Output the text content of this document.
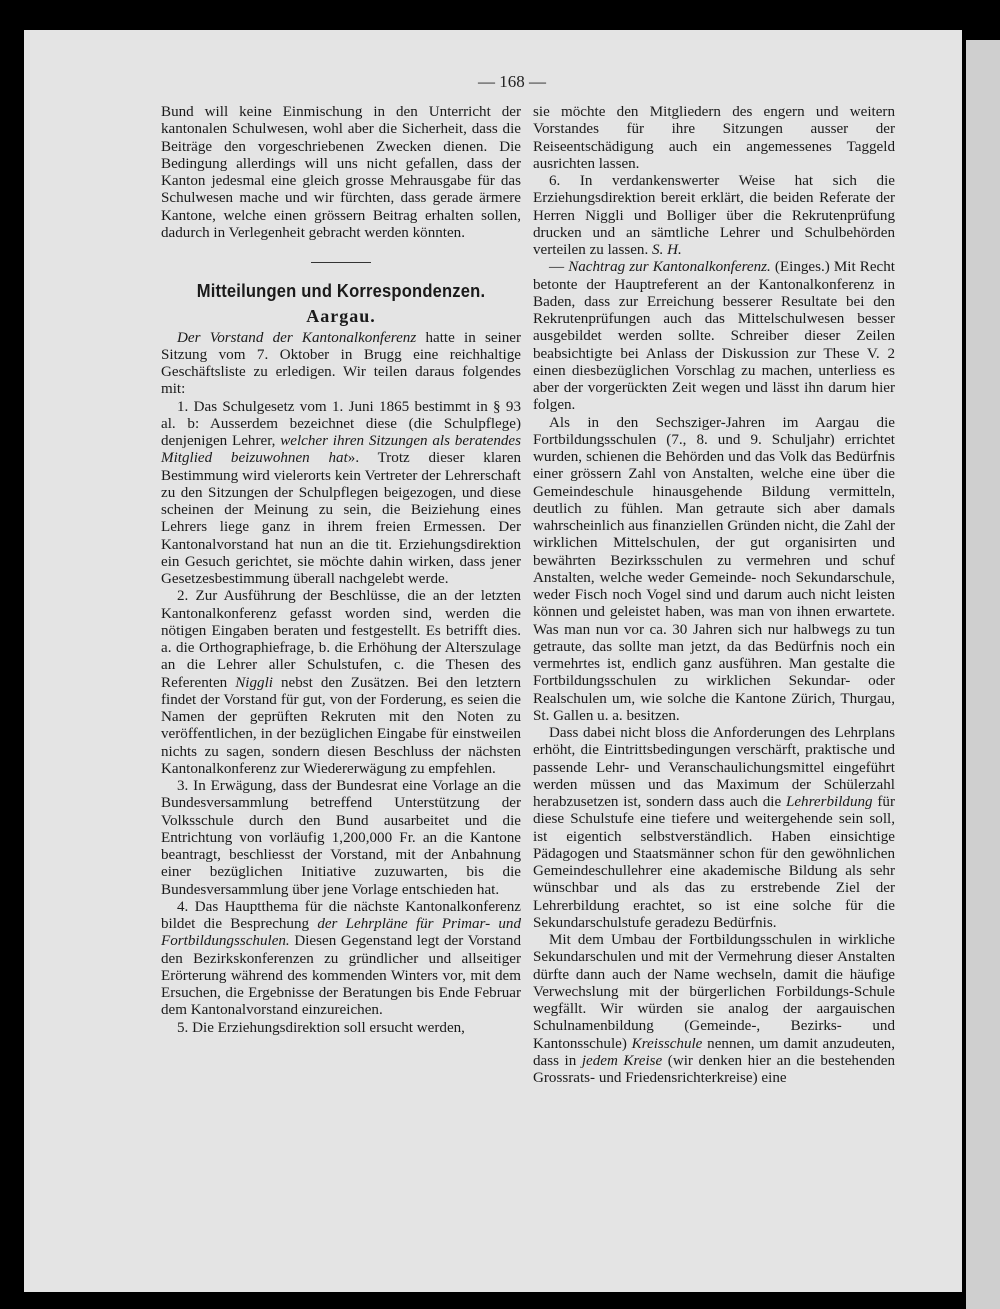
— 168 —

Bund will keine Einmischung in den Unterricht der kantonalen Schulwesen, wohl aber die Sicherheit, dass die Beiträge den vorgeschriebenen Zwecken dienen. Die Bedingung allerdings will uns nicht gefallen, dass der Kanton jedesmal eine gleich grosse Mehrausgabe für das Schulwesen mache und wir fürchten, dass gerade ärmere Kantone, welche einen grössern Beitrag erhalten sollen, dadurch in Verlegenheit gebracht werden könnten.

Mitteilungen und Korrespondenzen.
Aargau.

Der Vorstand der Kantonalkonferenz hatte in seiner Sitzung vom 7. Oktober in Brugg eine reichhaltige Geschäftsliste zu erledigen. Wir teilen daraus folgendes mit:

1. Das Schulgesetz vom 1. Juni 1865 bestimmt in § 93 al. b: Ausserdem bezeichnet diese (die Schulpflege) denjenigen Lehrer, welcher ihren Sitzungen als beratendes Mitglied beizuwohnen hat». Trotz dieser klaren Bestimmung wird vielerorts kein Vertreter der Lehrerschaft zu den Sitzungen der Schulpflegen beigezogen, und diese scheinen der Meinung zu sein, die Beiziehung eines Lehrers liege ganz in ihrem freien Ermessen. Der Kantonalvorstand hat nun an die tit. Erziehungsdirektion ein Gesuch gerichtet, sie möchte dahin wirken, dass jener Gesetzesbestimmung überall nachgelebt werde.

2. Zur Ausführung der Beschlüsse, die an der letzten Kantonalkonferenz gefasst worden sind, werden die nötigen Eingaben beraten und festgestellt. Es betrifft dies. a. die Orthographiefrage, b. die Erhöhung der Alterszulage an die Lehrer aller Schulstufen, c. die Thesen des Referenten Niggli nebst den Zusätzen. Bei den letztern findet der Vorstand für gut, von der Forderung, es seien die Namen der geprüften Rekruten mit den Noten zu veröffentlichen, in der bezüglichen Eingabe für einstweilen nichts zu sagen, sondern diesen Beschluss der nächsten Kantonalkonferenz zur Wiedererwägung zu empfehlen.

3. In Erwägung, dass der Bundesrat eine Vorlage an die Bundesversammlung betreffend Unterstützung der Volksschule durch den Bund ausarbeitet und die Entrichtung von vorläufig 1,200,000 Fr. an die Kantone beantragt, beschliesst der Vorstand, mit der Anbahnung einer bezüglichen Initiative zuzuwarten, bis die Bundesversammlung über jene Vorlage entschieden hat.

4. Das Hauptthema für die nächste Kantonalkonferenz bildet die Besprechung der Lehrpläne für Primar- und Fortbildungsschulen. Diesen Gegenstand legt der Vorstand den Bezirkskonferenzen zu gründlicher und allseitiger Erörterung während des kommenden Winters vor, mit dem Ersuchen, die Ergebnisse der Beratungen bis Ende Februar dem Kantonalvorstand einzureichen.

5. Die Erziehungsdirektion soll ersucht werden,

sie möchte den Mitgliedern des engern und weitern Vorstandes für ihre Sitzungen ausser der Reiseentschädigung auch ein angemessenes Taggeld ausrichten lassen.

6. In verdankenswerter Weise hat sich die Erziehungsdirektion bereit erklärt, die beiden Referate der Herren Niggli und Bolliger über die Rekrutenprüfung drucken und an sämtliche Lehrer und Schulbehörden verteilen zu lassen. S. H.

— Nachtrag zur Kantonalkonferenz. (Einges.) Mit Recht betonte der Hauptreferent an der Kantonalkonferenz in Baden, dass zur Erreichung besserer Resultate bei den Rekrutenprüfungen auch das Mittelschulwesen besser ausgebildet werden sollte. Schreiber dieser Zeilen beabsichtigte bei Anlass der Diskussion zur These V. 2 einen diesbezüglichen Vorschlag zu machen, unterliess es aber der vorgerückten Zeit wegen und lässt ihn darum hier folgen.

Als in den Sechsziger-Jahren im Aargau die Fortbildungsschulen (7., 8. und 9. Schuljahr) errichtet wurden, schienen die Behörden und das Volk das Bedürfnis einer grössern Zahl von Anstalten, welche eine über die Gemeindeschule hinausgehende Bildung vermitteln, deutlich zu fühlen. Man getraute sich aber damals wahrscheinlich aus finanziellen Gründen nicht, die Zahl der wirklichen Mittelschulen, der gut organisirten und bewährten Bezirksschulen zu vermehren und schuf Anstalten, welche weder Gemeinde- noch Sekundarschule, weder Fisch noch Vogel sind und darum auch nicht leisten können und geleistet haben, was man von ihnen erwartete. Was man nun vor ca. 30 Jahren sich nur halbwegs zu tun getraute, das sollte man jetzt, da das Bedürfnis noch ein vermehrtes ist, endlich ganz ausführen. Man gestalte die Fortbildungsschulen zu wirklichen Sekundar- oder Realschulen um, wie solche die Kantone Zürich, Thurgau, St. Gallen u. a. besitzen.

Dass dabei nicht bloss die Anforderungen des Lehrplans erhöht, die Eintrittsbedingungen verschärft, praktische und passende Lehr- und Veranschaulichungsmittel eingeführt werden müssen und das Maximum der Schülerzahl herabzusetzen ist, sondern dass auch die Lehrerbildung für diese Schulstufe eine tiefere und weitergehende sein soll, ist eigentich selbstverständlich. Haben einsichtige Pädagogen und Staatsmänner schon für den gewöhnlichen Gemeindeschullehrer eine akademische Bildung als sehr wünschbar und als das zu erstrebende Ziel der Lehrerbildung erachtet, so ist eine solche für die Sekundarschulstufe geradezu Bedürfnis.

Mit dem Umbau der Fortbildungsschulen in wirkliche Sekundarschulen und mit der Vermehrung dieser Anstalten dürfte dann auch der Name wechseln, damit die häufige Verwechslung mit der bürgerlichen Forbildungs-Schule wegfällt. Wir würden sie analog der aargauischen Schulnamenbildung (Gemeinde-, Bezirks- und Kantonsschule) Kreisschule nennen, um damit anzudeuten, dass in jedem Kreise (wir denken hier an die bestehenden Grossrats- und Friedensrichterkreise) eine
